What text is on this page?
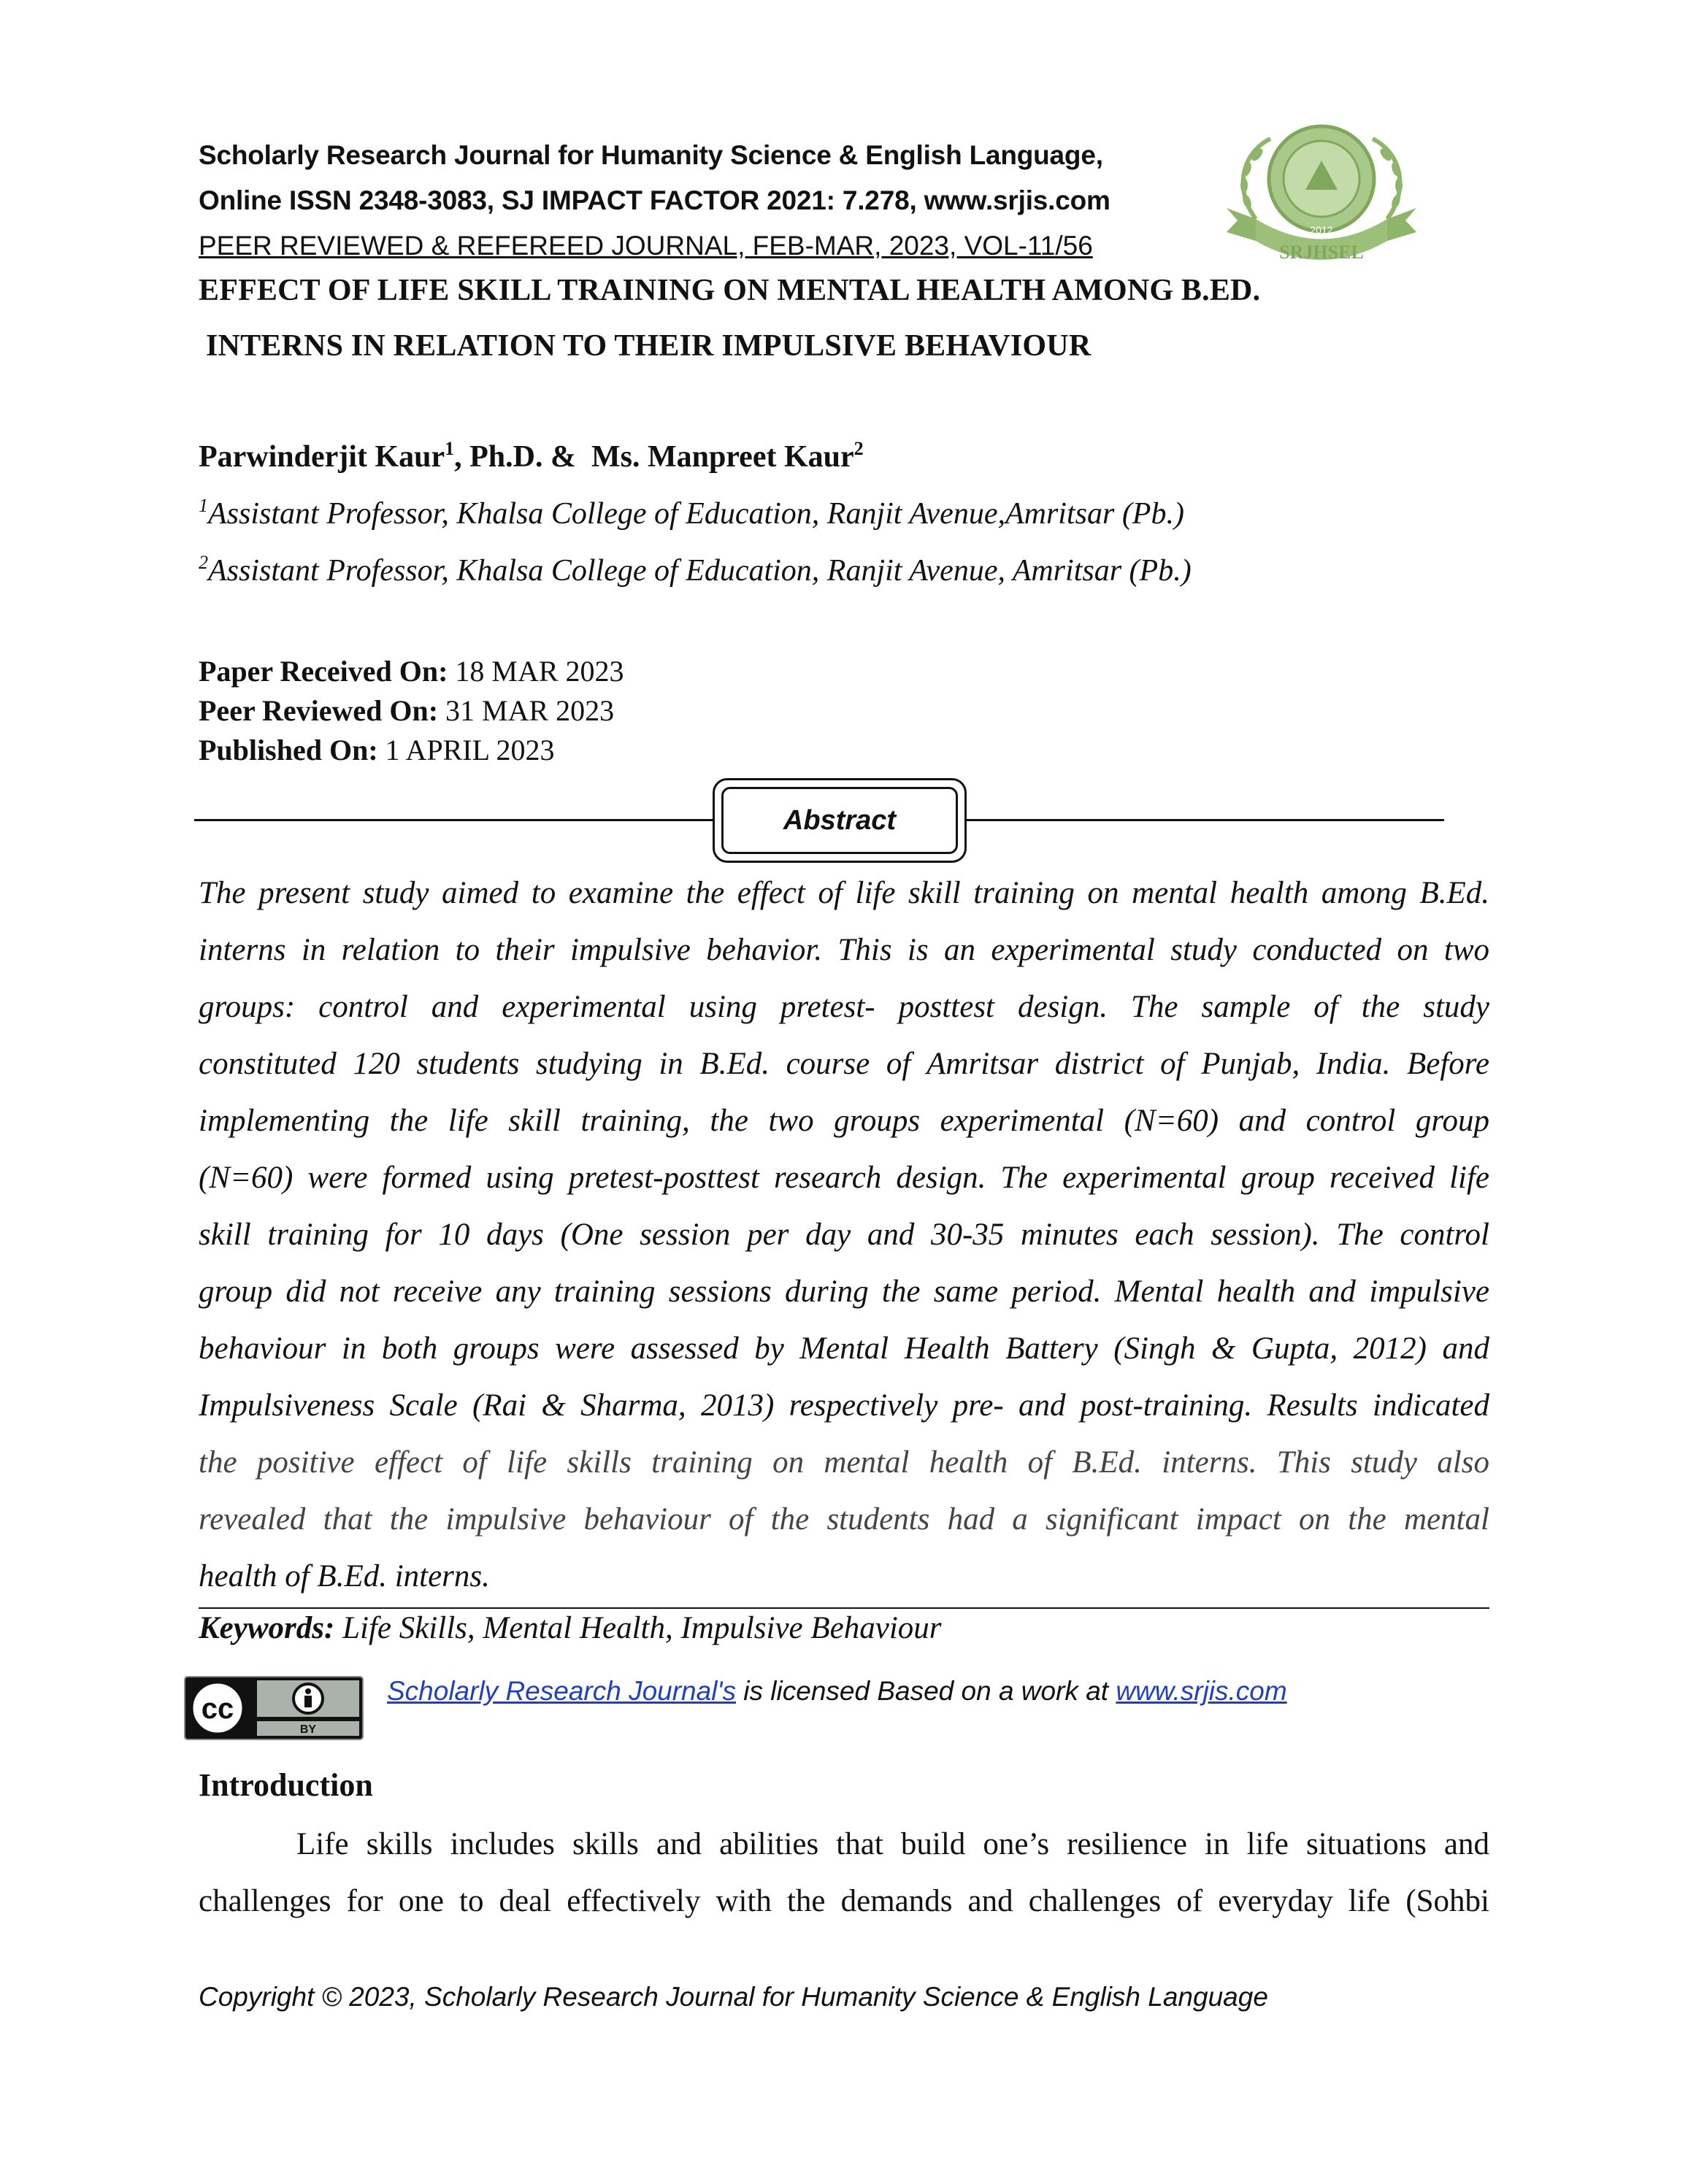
Scholarly Research Journal for Humanity Science & English Language,
Online ISSN 2348-3083, SJ IMPACT FACTOR 2021: 7.278, www.srjis.com
PEER REVIEWED & REFEREED JOURNAL, FEB-MAR, 2023, VOL-11/56
2012
SRJHSEL
EFFECT OF LIFE SKILL TRAINING ON MENTAL HEALTH AMONG B.ED.
INTERNS IN RELATION TO THEIR IMPULSIVE BEHAVIOUR
Parwinderjit Kaur$^1$, Ph.D. &  Ms. Manpreet Kaur$^2$
$^1$Assistant Professor, Khalsa College of Education, Ranjit Avenue,Amritsar (Pb.)
$^2$Assistant Professor, Khalsa College of Education, Ranjit Avenue, Amritsar (Pb.)
Paper Received On: 18 MAR 2023
Peer Reviewed On: 31 MAR 2023
Published On: 1 APRIL 2023
Abstract
The present study aimed to examine the effect of life skill training on mental health among B.Ed.
interns in relation to their impulsive behavior. This is an experimental study conducted on two
groups: control and experimental using pretest- posttest design. The sample of the study
constituted 120 students studying in B.Ed. course of Amritsar district of Punjab, India. Before
implementing the life skill training, the two groups experimental (N=60) and control group
(N=60) were formed using pretest-posttest research design. The experimental group received life
skill training for 10 days (One session per day and 30-35 minutes each session). The control
group did not receive any training sessions during the same period. Mental health and impulsive
behaviour in both groups were assessed by Mental Health Battery (Singh & Gupta, 2012) and
Impulsiveness Scale (Rai & Sharma, 2013) respectively pre- and post-training. Results indicated
the positive effect of life skills training on mental health of B.Ed. interns. This study also
revealed that the impulsive behaviour of the students had a significant impact on the mental
health of B.Ed. interns.
Keywords: Life Skills, Mental Health, Impulsive Behaviour
cc
BY
Scholarly Research Journal's is licensed Based on a work at www.srjis.com
Introduction
Life skills includes skills and abilities that build one’s resilience in life situations and
challenges for one to deal effectively with the demands and challenges of everyday life (Sohbi
Copyright © 2023, Scholarly Research Journal for Humanity Science & English Language
